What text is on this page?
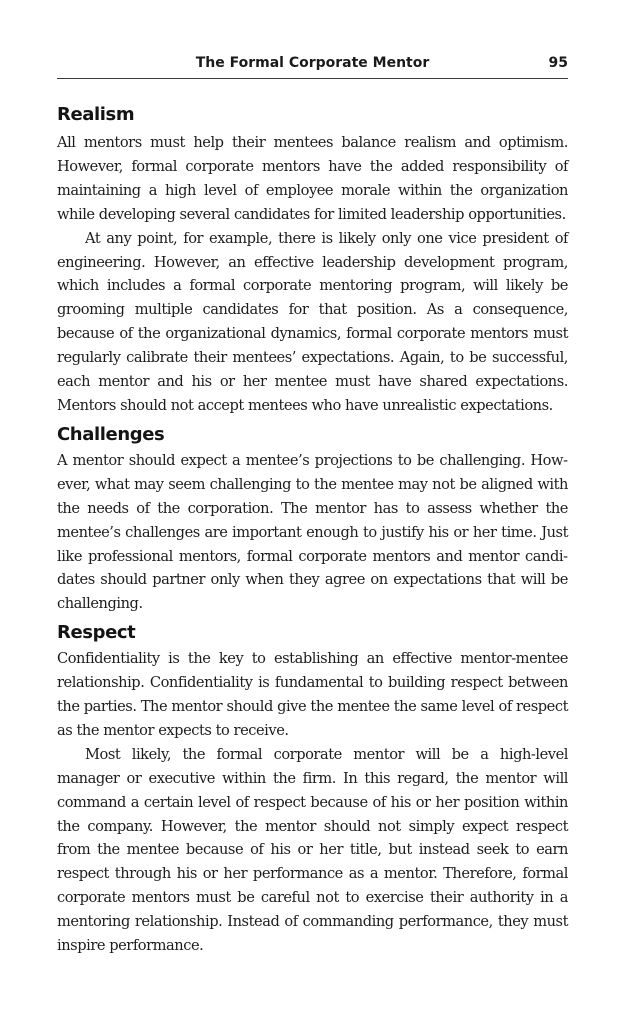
The Formal Corporate Mentor	95
Realism

All mentors must help their mentees balance realism and optimism. However, formal corporate mentors have the added responsibility of maintaining a high level of employee morale within the organization while developing several candidates for limited leadership opportunities.

At any point, for example, there is likely only one vice president of engineering. However, an effective leadership development program, which includes a formal corporate mentoring program, will likely be grooming multiple candidates for that position. As a consequence, because of the organizational dynamics, formal corporate mentors must regularly calibrate their mentees’ expectations. Again, to be successful, each mentor and his or her mentee must have shared expectations. Mentors should not accept mentees who have unrealistic expectations.

Challenges

A mentor should expect a mentee’s projections to be challenging. However, what may seem challenging to the mentee may not be aligned with the needs of the corporation. The mentor has to assess whether the mentee’s challenges are important enough to justify his or her time. Just like professional mentors, formal corporate mentors and mentor candidates should partner only when they agree on expectations that will be challenging.

Respect

Confidentiality is the key to establishing an effective mentor-mentee relationship. Confidentiality is fundamental to building respect between the parties. The mentor should give the mentee the same level of respect as the mentor expects to receive.

Most likely, the formal corporate mentor will be a high-level manager or executive within the firm. In this regard, the mentor will command a certain level of respect because of his or her position within the company. However, the mentor should not simply expect respect from the mentee because of his or her title, but instead seek to earn respect through his or her performance as a mentor. Therefore, formal corporate mentors must be careful not to exercise their authority in a mentoring relationship. Instead of commanding performance, they must inspire performance.
